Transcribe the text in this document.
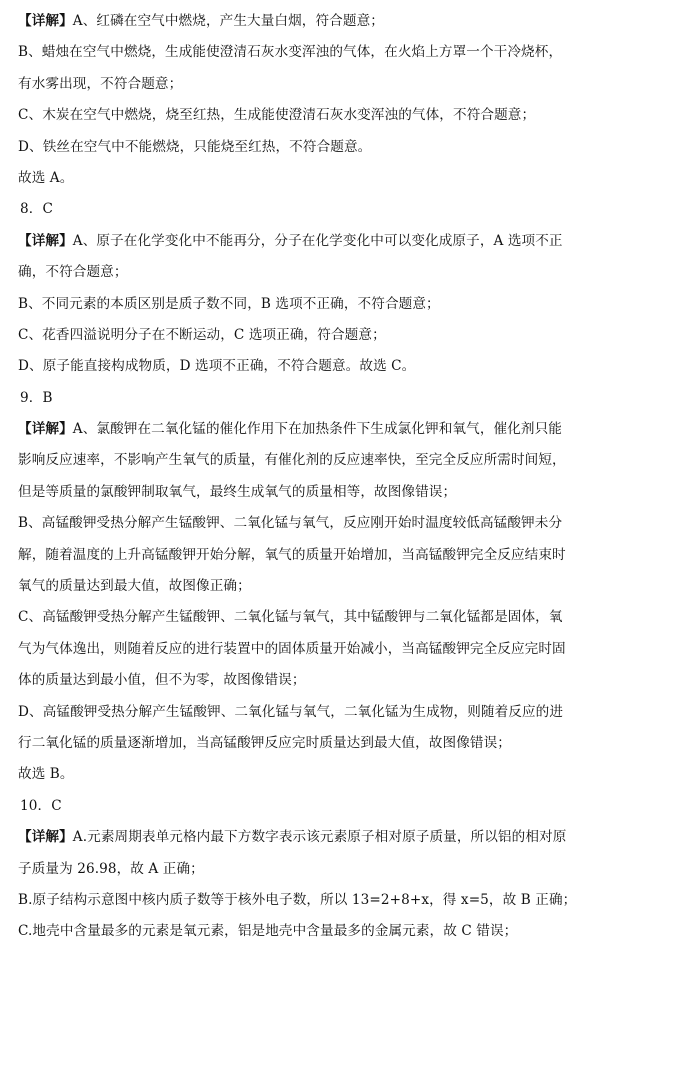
【详解】A、红磷在空气中燃烧，产生大量白烟，符合题意；
B、蜡烛在空气中燃烧，生成能使澄清石灰水变浑浊的气体，在火焰上方罩一个干冷烧杯，
有水雾出现，不符合题意；
C、木炭在空气中燃烧，烧至红热，生成能使澄清石灰水变浑浊的气体，不符合题意；
D、铁丝在空气中不能燃烧，只能烧至红热，不符合题意。
故选 A。
8．C
【详解】A、原子在化学变化中不能再分，分子在化学变化中可以变化成原子，A 选项不正
确，不符合题意；
B、不同元素的本质区别是质子数不同，B 选项不正确，不符合题意；
C、花香四溢说明分子在不断运动，C 选项正确，符合题意；
D、原子能直接构成物质，D 选项不正确，不符合题意。故选 C。
9．B
【详解】A、氯酸钾在二氧化锰的催化作用下在加热条件下生成氯化钾和氧气，催化剂只能
影响反应速率，不影响产生氧气的质量，有催化剂的反应速率快，至完全反应所需时间短，
但是等质量的氯酸钾制取氧气，最终生成氧气的质量相等，故图像错误；
B、高锰酸钾受热分解产生锰酸钾、二氧化锰与氧气，反应刚开始时温度较低高锰酸钾未分
解，随着温度的上升高锰酸钾开始分解，氧气的质量开始增加，当高锰酸钾完全反应结束时
氧气的质量达到最大值，故图像正确；
C、高锰酸钾受热分解产生锰酸钾、二氧化锰与氧气，其中锰酸钾与二氧化锰都是固体，氧
气为气体逸出，则随着反应的进行装置中的固体质量开始减小，当高锰酸钾完全反应完时固
体的质量达到最小值，但不为零，故图像错误；
D、高锰酸钾受热分解产生锰酸钾、二氧化锰与氧气，二氧化锰为生成物，则随着反应的进
行二氧化锰的质量逐渐增加，当高锰酸钾反应完时质量达到最大值，故图像错误；
故选 B。
10．C
【详解】A.元素周期表单元格内最下方数字表示该元素原子相对原子质量，所以铝的相对原
子质量为 26.98，故 A 正确；
B.原子结构示意图中核内质子数等于核外电子数，所以 13=2+8+x，得 x=5，故 B 正确；
C.地壳中含量最多的元素是氧元素，铝是地壳中含量最多的金属元素，故 C 错误；
